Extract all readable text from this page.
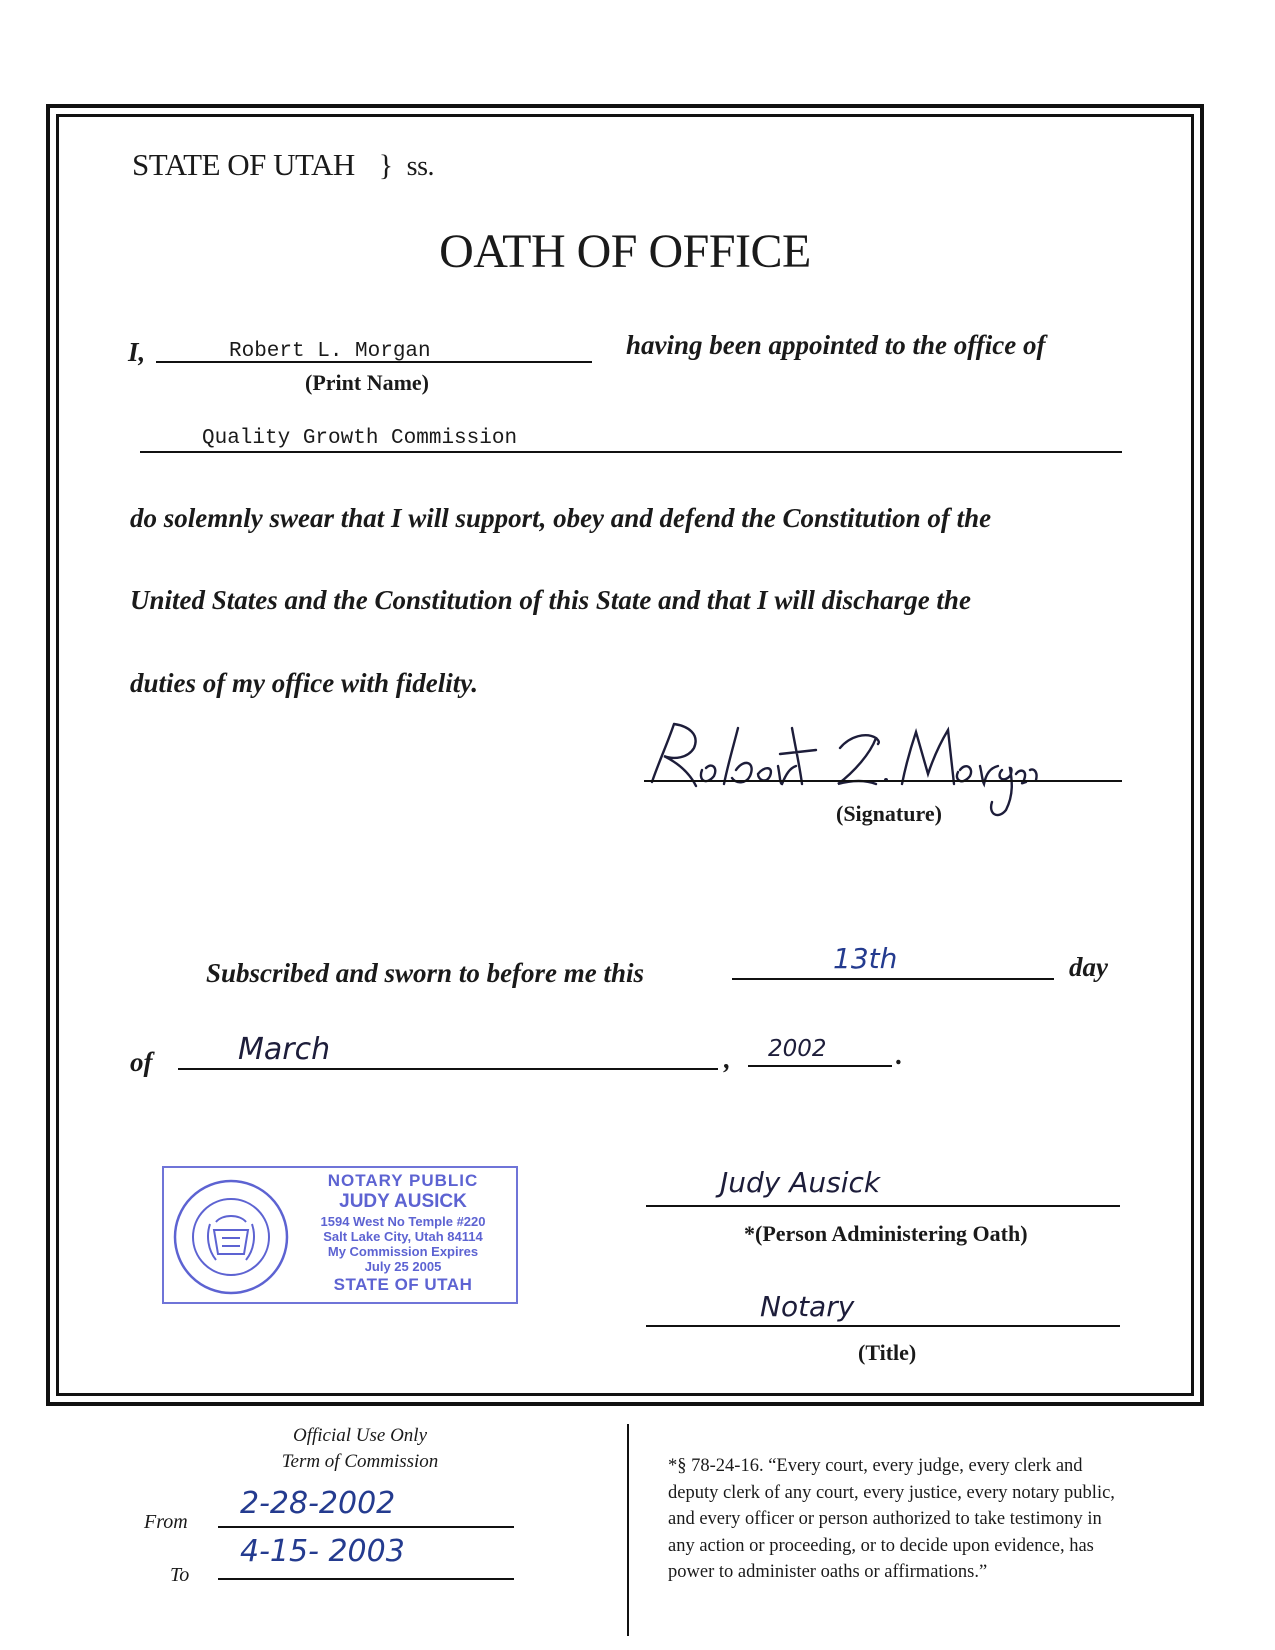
STATE OF UTAH } ss.
OATH OF OFFICE
I,	Robert L. Morgan
(Print Name)
having been appointed to the office of
Quality Growth Commission
do solemnly swear that I will support, obey and defend the Constitution of the
United States and the Constitution of this State and that I will discharge the
duties of my office with fidelity.
(Signature)
Subscribed and sworn to before me this	13th	day
of	March	, 2002	.
NOTARY PUBLIC
JUDY AUSICK
1594 West No Temple #220
Salt Lake City, Utah 84114
My Commission Expires
July 25 2005
STATE OF UTAH
Judy Ausick
*(Person Administering Oath)
Notary
(Title)
Official Use Only
Term of Commission
From
2-28-2002
To
4-15- 2003
*§ 78-24-16. “Every court, every judge, every clerk and
deputy clerk of any court, every justice, every notary public,
and every officer or person authorized to take testimony in
any action or proceeding, or to decide upon evidence, has
power to administer oaths or affirmations.”
